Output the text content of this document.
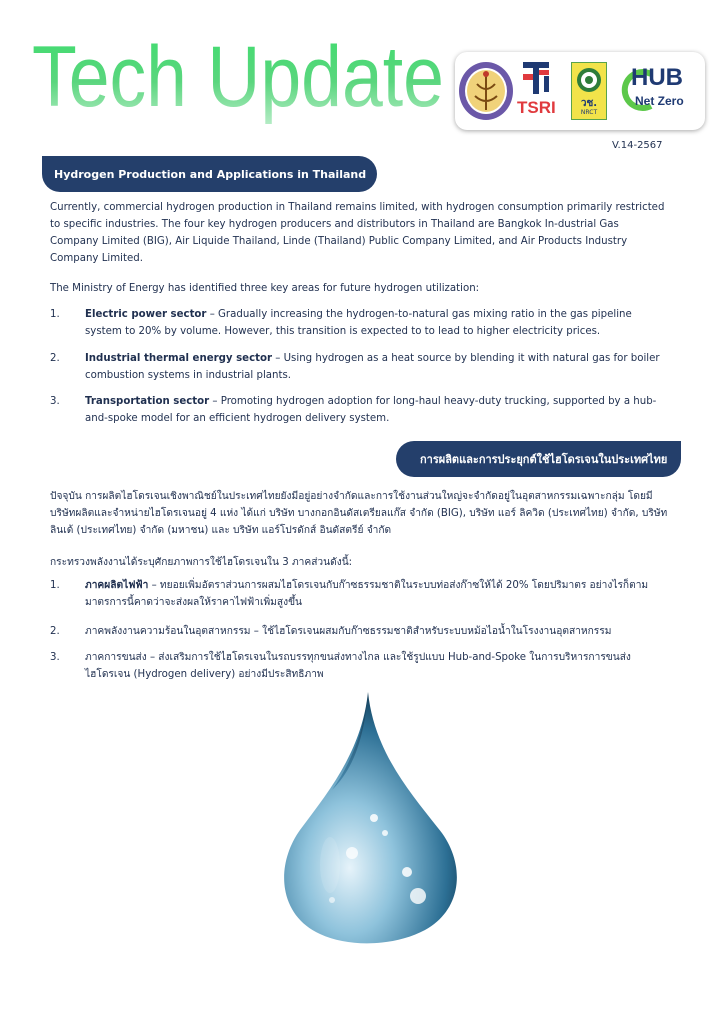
Tech Update	TSRI	วช.
NRCT
HUB
Net Zero
V.14-2567
Hydrogen Production and Applications in Thailand
Currently, commercial hydrogen production in Thailand remains limited, with hydrogen consumption primarily restricted to specific industries. The four key hydrogen producers and distributors in Thailand are Bangkok In-dustrial Gas Company Limited (BIG), Air Liquide Thailand, Linde (Thailand) Public Company Limited, and Air Products Industry Company Limited.
The Ministry of Energy has identified three key areas for future hydrogen utilization:
1. Electric power sector – Gradually increasing the hydrogen-to-natural gas mixing ratio in the gas pipeline system to 20% by volume. However, this transition is expected to to lead to higher electricity prices.
2. Industrial thermal energy sector – Using hydrogen as a heat source by blending it with natural gas for boiler combustion systems in industrial plants.
3. Transportation sector – Promoting hydrogen adoption for long-haul heavy-duty trucking, supported by a hub-and-spoke model for an efficient hydrogen delivery system.
การผลิตและการประยุกต์ใช้ไฮโดรเจนในประเทศไทย
ปัจจุบัน การผลิตไฮโดรเจนเชิงพาณิชย์ในประเทศไทยยังมีอยู่อย่างจำกัดและการใช้งานส่วนใหญ่จะจำกัดอยู่ในอุตสาหกรรมเฉพาะกลุ่ม โดยมีบริษัทผลิตและจำหน่ายไฮโดรเจนอยู่ 4 แห่ง ได้แก่ บริษัท บางกอกอินดัสเตรียลแก๊ส จำกัด (BIG), บริษัท แอร์ ลิควิด (ประเทศไทย) จำกัด, บริษัท ลินเด้ (ประเทศไทย) จำกัด (มหาชน) และ บริษัท แอร์โปรดักส์ อินดัสตรีย์ จำกัด
กระทรวงพลังงานได้ระบุศักยภาพการใช้ไฮโดรเจนใน 3 ภาคส่วนดังนี้:
1. ภาคผลิตไฟฟ้า – ทยอยเพิ่มอัตราส่วนการผสมไฮโดรเจนกับก๊าซธรรมชาติในระบบท่อส่งก๊าซให้ได้ 20% โดยปริมาตร อย่างไรก็ตาม มาตรการนี้คาดว่าจะส่งผลให้ราคาไฟฟ้าเพิ่มสูงขึ้น
2. ภาคพลังงานความร้อนในอุตสาหกรรม – ใช้ไฮโดรเจนผสมกับก๊าซธรรมชาติสำหรับระบบหม้อไอน้ำในโรงงานอุตสาหกรรม
3. ภาคการขนส่ง – ส่งเสริมการใช้ไฮโดรเจนในรถบรรทุกขนส่งทางไกล และใช้รูปแบบ Hub-and-Spoke ในการบริหารการขนส่งไฮโดรเจน (Hydrogen delivery) อย่างมีประสิทธิภาพ
